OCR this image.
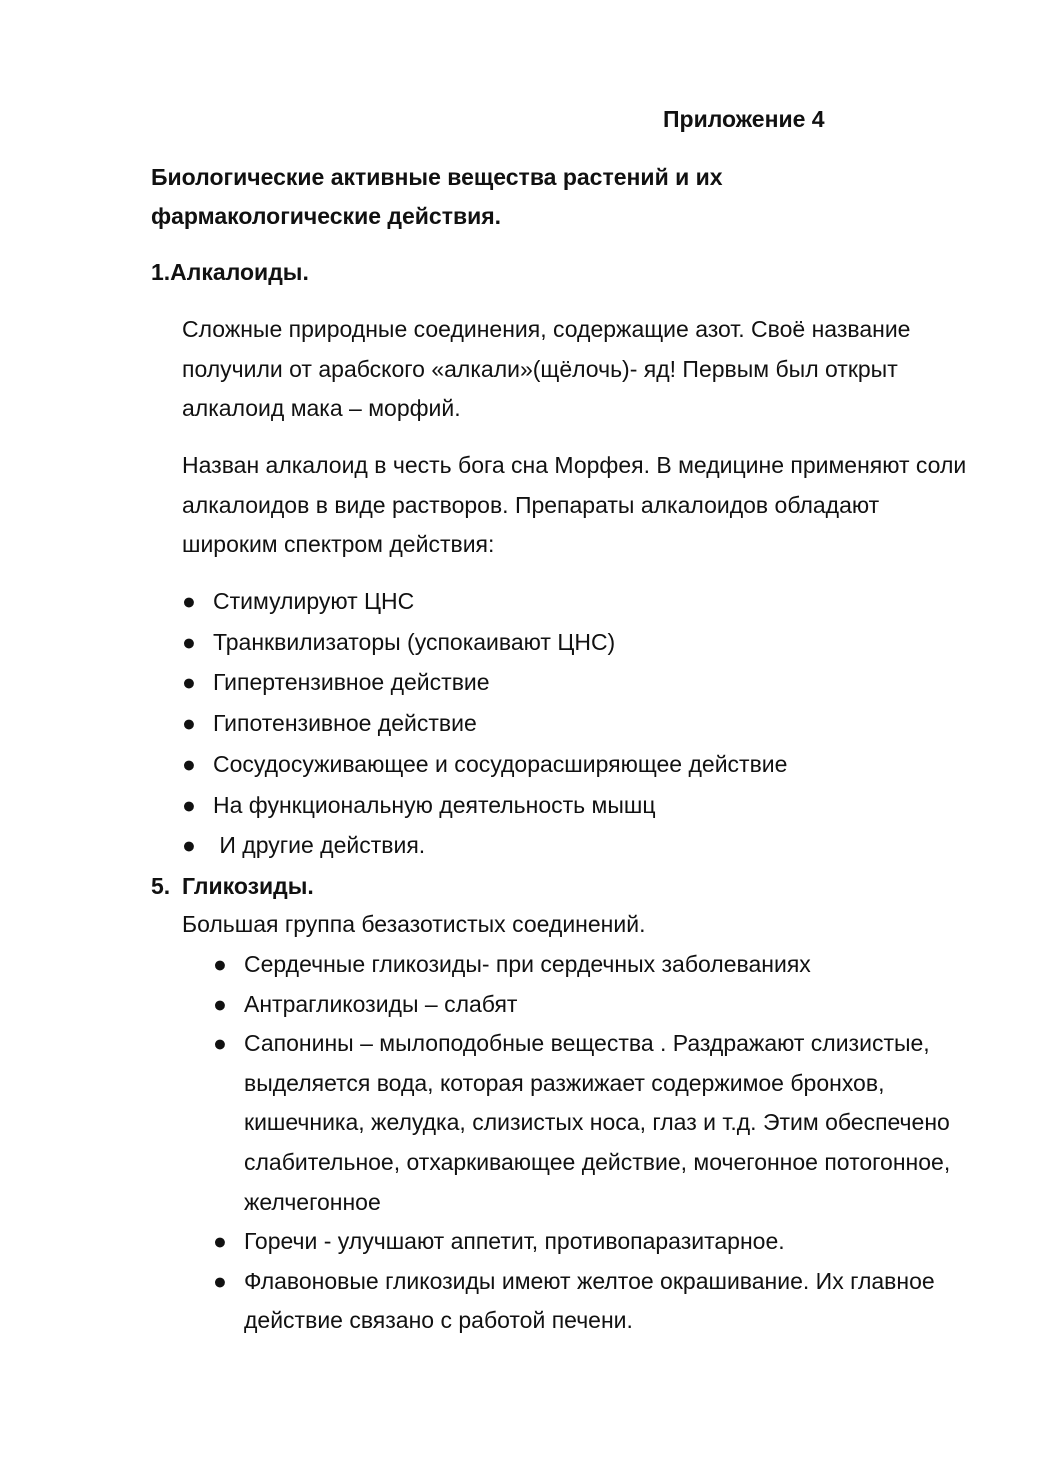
Приложение 4
Биологические активные вещества растений и их фармакологические действия.
1.Алкалоиды.

Сложные природные соединения, содержащие азот. Своё название получили от арабского «алкали»(щёлочь)- яд! Первым был открыт алкалоид мака – морфий.

Назван алкалоид в честь бога сна Морфея. В медицине применяют соли алкалоидов в виде растворов. Препараты алкалоидов обладают широким спектром действия:

● Стимулируют ЦНС
● Транквилизаторы (успокаивают ЦНС)
● Гипертензивное действие
● Гипотензивное действие
● Сосудосуживающее и сосудорасширяющее действие
● На функциональную деятельность мышц
● И другие действия.
5. Гликозиды.

Большая группа безазотистых соединений.

● Сердечные гликозиды- при сердечных заболеваниях
● Антрагликозиды – слабят
● Сапонины – мылоподобные вещества . Раздражают слизистые, выделяется вода, которая разжижает содержимое бронхов, кишечника, желудка, слизистых носа, глаз и т.д. Этим обеспечено слабительное, отхаркивающее действие, мочегонное потогонное, желчегонное
● Горечи - улучшают аппетит, противопаразитарное.
● Флавоновые гликозиды имеют желтое окрашивание. Их главное действие связано с работой печени.
